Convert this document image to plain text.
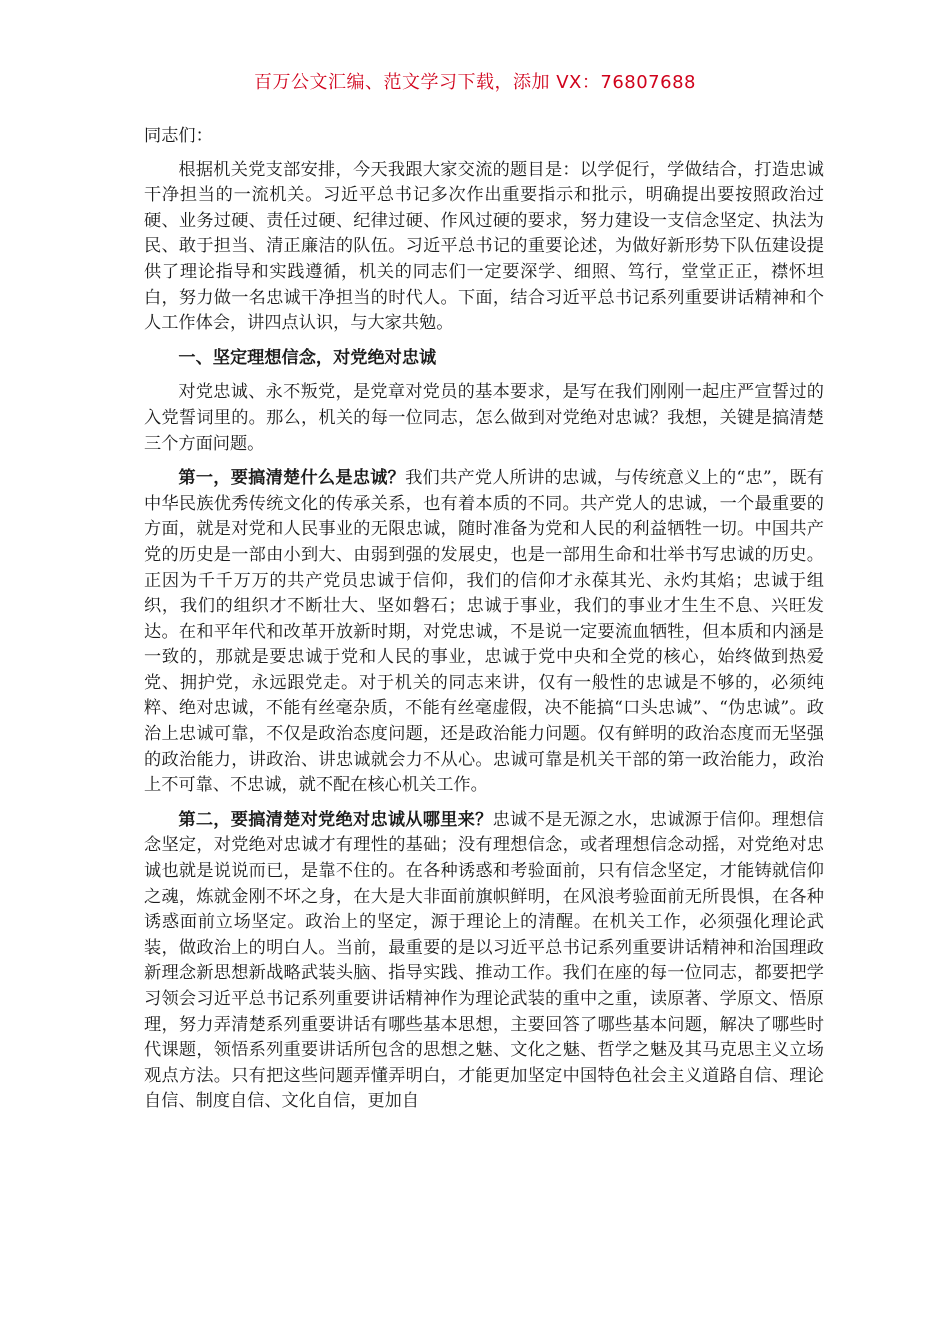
百万公文汇编、范文学习下载，添加 VX：76807688

同志们：

根据机关党支部安排，今天我跟大家交流的题目是：以学促行，学做结合，打造忠诚干净担当的一流机关。习近平总书记多次作出重要指示和批示，明确提出要按照政治过硬、业务过硬、责任过硬、纪律过硬、作风过硬的要求，努力建设一支信念坚定、执法为民、敢于担当、清正廉洁的队伍。习近平总书记的重要论述，为做好新形势下队伍建设提供了理论指导和实践遵循，机关的同志们一定要深学、细照、笃行，堂堂正正，襟怀坦白，努力做一名忠诚干净担当的时代人。下面，结合习近平总书记系列重要讲话精神和个人工作体会，讲四点认识，与大家共勉。

一、坚定理想信念，对党绝对忠诚

对党忠诚、永不叛党，是党章对党员的基本要求，是写在我们刚刚一起庄严宣誓过的入党誓词里的。那么，机关的每一位同志，怎么做到对党绝对忠诚？我想，关键是搞清楚三个方面问题。

第一，要搞清楚什么是忠诚？我们共产党人所讲的忠诚，与传统意义上的“忠”，既有中华民族优秀传统文化的传承关系，也有着本质的不同。共产党人的忠诚，一个最重要的方面，就是对党和人民事业的无限忠诚，随时准备为党和人民的利益牺牲一切。中国共产党的历史是一部由小到大、由弱到强的发展史，也是一部用生命和壮举书写忠诚的历史。正因为千千万万的共产党员忠诚于信仰，我们的信仰才永葆其光、永灼其焰；忠诚于组织，我们的组织才不断壮大、坚如磐石；忠诚于事业，我们的事业才生生不息、兴旺发达。在和平年代和改革开放新时期，对党忠诚，不是说一定要流血牺牲，但本质和内涵是一致的，那就是要忠诚于党和人民的事业，忠诚于党中央和全党的核心，始终做到热爱党、拥护党，永远跟党走。对于机关的同志来讲，仅有一般性的忠诚是不够的，必须纯粹、绝对忠诚，不能有丝毫杂质，不能有丝毫虚假，决不能搞“口头忠诚”、“伪忠诚”。政治上忠诚可靠，不仅是政治态度问题，还是政治能力问题。仅有鲜明的政治态度而无坚强的政治能力，讲政治、讲忠诚就会力不从心。忠诚可靠是机关干部的第一政治能力，政治上不可靠、不忠诚，就不配在核心机关工作。

第二，要搞清楚对党绝对忠诚从哪里来？忠诚不是无源之水，忠诚源于信仰。理想信念坚定，对党绝对忠诚才有理性的基础；没有理想信念，或者理想信念动摇，对党绝对忠诚也就是说说而已，是靠不住的。在各种诱惑和考验面前，只有信念坚定，才能铸就信仰之魂，炼就金刚不坏之身，在大是大非面前旗帜鲜明，在风浪考验面前无所畏惧，在各种诱惑面前立场坚定。政治上的坚定，源于理论上的清醒。在机关工作，必须强化理论武装，做政治上的明白人。当前，最重要的是以习近平总书记系列重要讲话精神和治国理政新理念新思想新战略武装头脑、指导实践、推动工作。我们在座的每一位同志，都要把学习领会习近平总书记系列重要讲话精神作为理论武装的重中之重，读原著、学原文、悟原理，努力弄清楚系列重要讲话有哪些基本思想，主要回答了哪些基本问题，解决了哪些时代课题，领悟系列重要讲话所包含的思想之魅、文化之魅、哲学之魅及其马克思主义立场观点方法。只有把这些问题弄懂弄明白，才能更加坚定中国特色社会主义道路自信、理论自信、制度自信、文化自信，更加自
